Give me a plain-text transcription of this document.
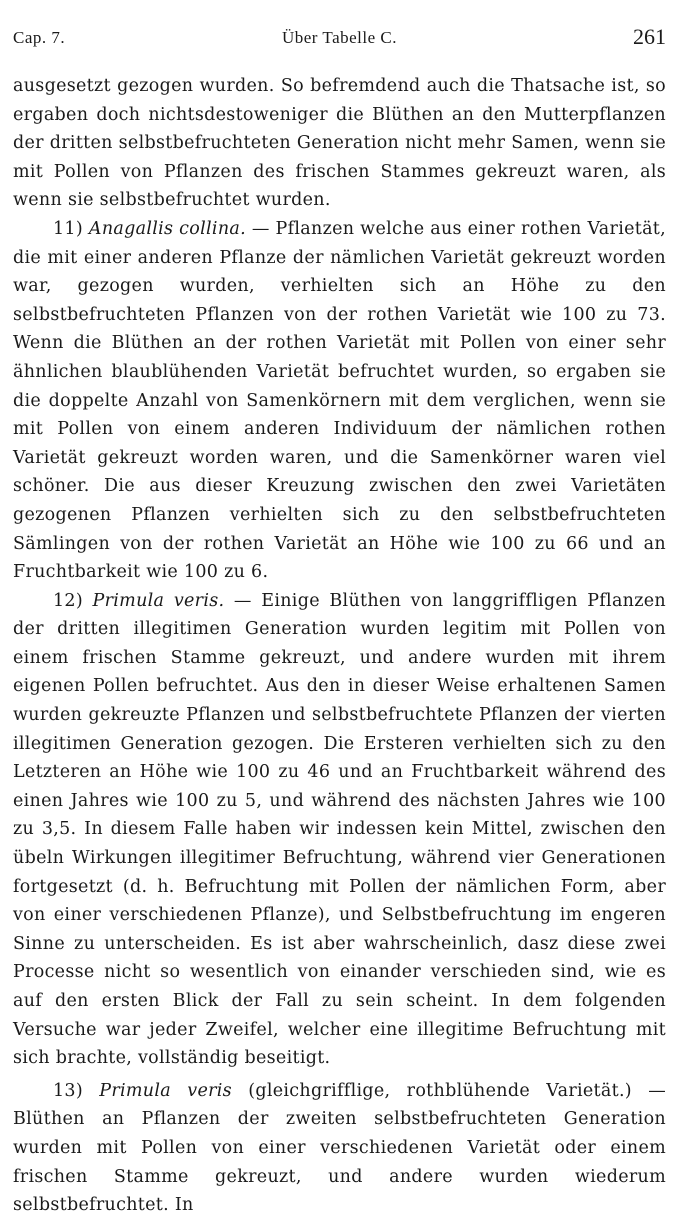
Cap. 7.	Über Tabelle C.	261

ausgesetzt gezogen wurden. So befremdend auch die Thatsache ist, so ergaben doch nichtsdestoweniger die Blüthen an den Mutterpflanzen der dritten selbstbefruchteten Generation nicht mehr Samen, wenn sie mit Pollen von Pflanzen des frischen Stammes gekreuzt waren, als wenn sie selbstbefruchtet wurden.

11) Anagallis collina. — Pflanzen welche aus einer rothen Varietät, die mit einer anderen Pflanze der nämlichen Varietät gekreuzt worden war, gezogen wurden, verhielten sich an Höhe zu den selbstbefruchteten Pflanzen von der rothen Varietät wie 100 zu 73. Wenn die Blüthen an der rothen Varietät mit Pollen von einer sehr ähnlichen blaublühenden Varietät befruchtet wurden, so ergaben sie die doppelte Anzahl von Samenkörnern mit dem verglichen, wenn sie mit Pollen von einem anderen Individuum der nämlichen rothen Varietät gekreuzt worden waren, und die Samenkörner waren viel schöner. Die aus dieser Kreuzung zwischen den zwei Varietäten gezogenen Pflanzen verhielten sich zu den selbstbefruchteten Sämlingen von der rothen Varietät an Höhe wie 100 zu 66 und an Fruchtbarkeit wie 100 zu 6.

12) Primula veris. — Einige Blüthen von langgriffligen Pflanzen der dritten illegitimen Generation wurden legitim mit Pollen von einem frischen Stamme gekreuzt, und andere wurden mit ihrem eigenen Pollen befruchtet. Aus den in dieser Weise erhaltenen Samen wurden gekreuzte Pflanzen und selbstbefruchtete Pflanzen der vierten illegitimen Generation gezogen. Die Ersteren verhielten sich zu den Letzteren an Höhe wie 100 zu 46 und an Fruchtbarkeit während des einen Jahres wie 100 zu 5, und während des nächsten Jahres wie 100 zu 3,5. In diesem Falle haben wir indessen kein Mittel, zwischen den übeln Wirkungen illegitimer Befruchtung, während vier Generationen fortgesetzt (d. h. Befruchtung mit Pollen der nämlichen Form, aber von einer verschiedenen Pflanze), und Selbstbefruchtung im engeren Sinne zu unterscheiden. Es ist aber wahrscheinlich, dasz diese zwei Processe nicht so wesentlich von einander verschieden sind, wie es auf den ersten Blick der Fall zu sein scheint. In dem folgenden Versuche war jeder Zweifel, welcher eine illegitime Befruchtung mit sich brachte, vollständig beseitigt.

13) Primula veris (gleichgrifflige, rothblühende Varietät.) — Blüthen an Pflanzen der zweiten selbstbefruchteten Generation wurden mit Pollen von einer verschiedenen Varietät oder einem frischen Stamme gekreuzt, und andere wurden wiederum selbstbefruchtet. In
